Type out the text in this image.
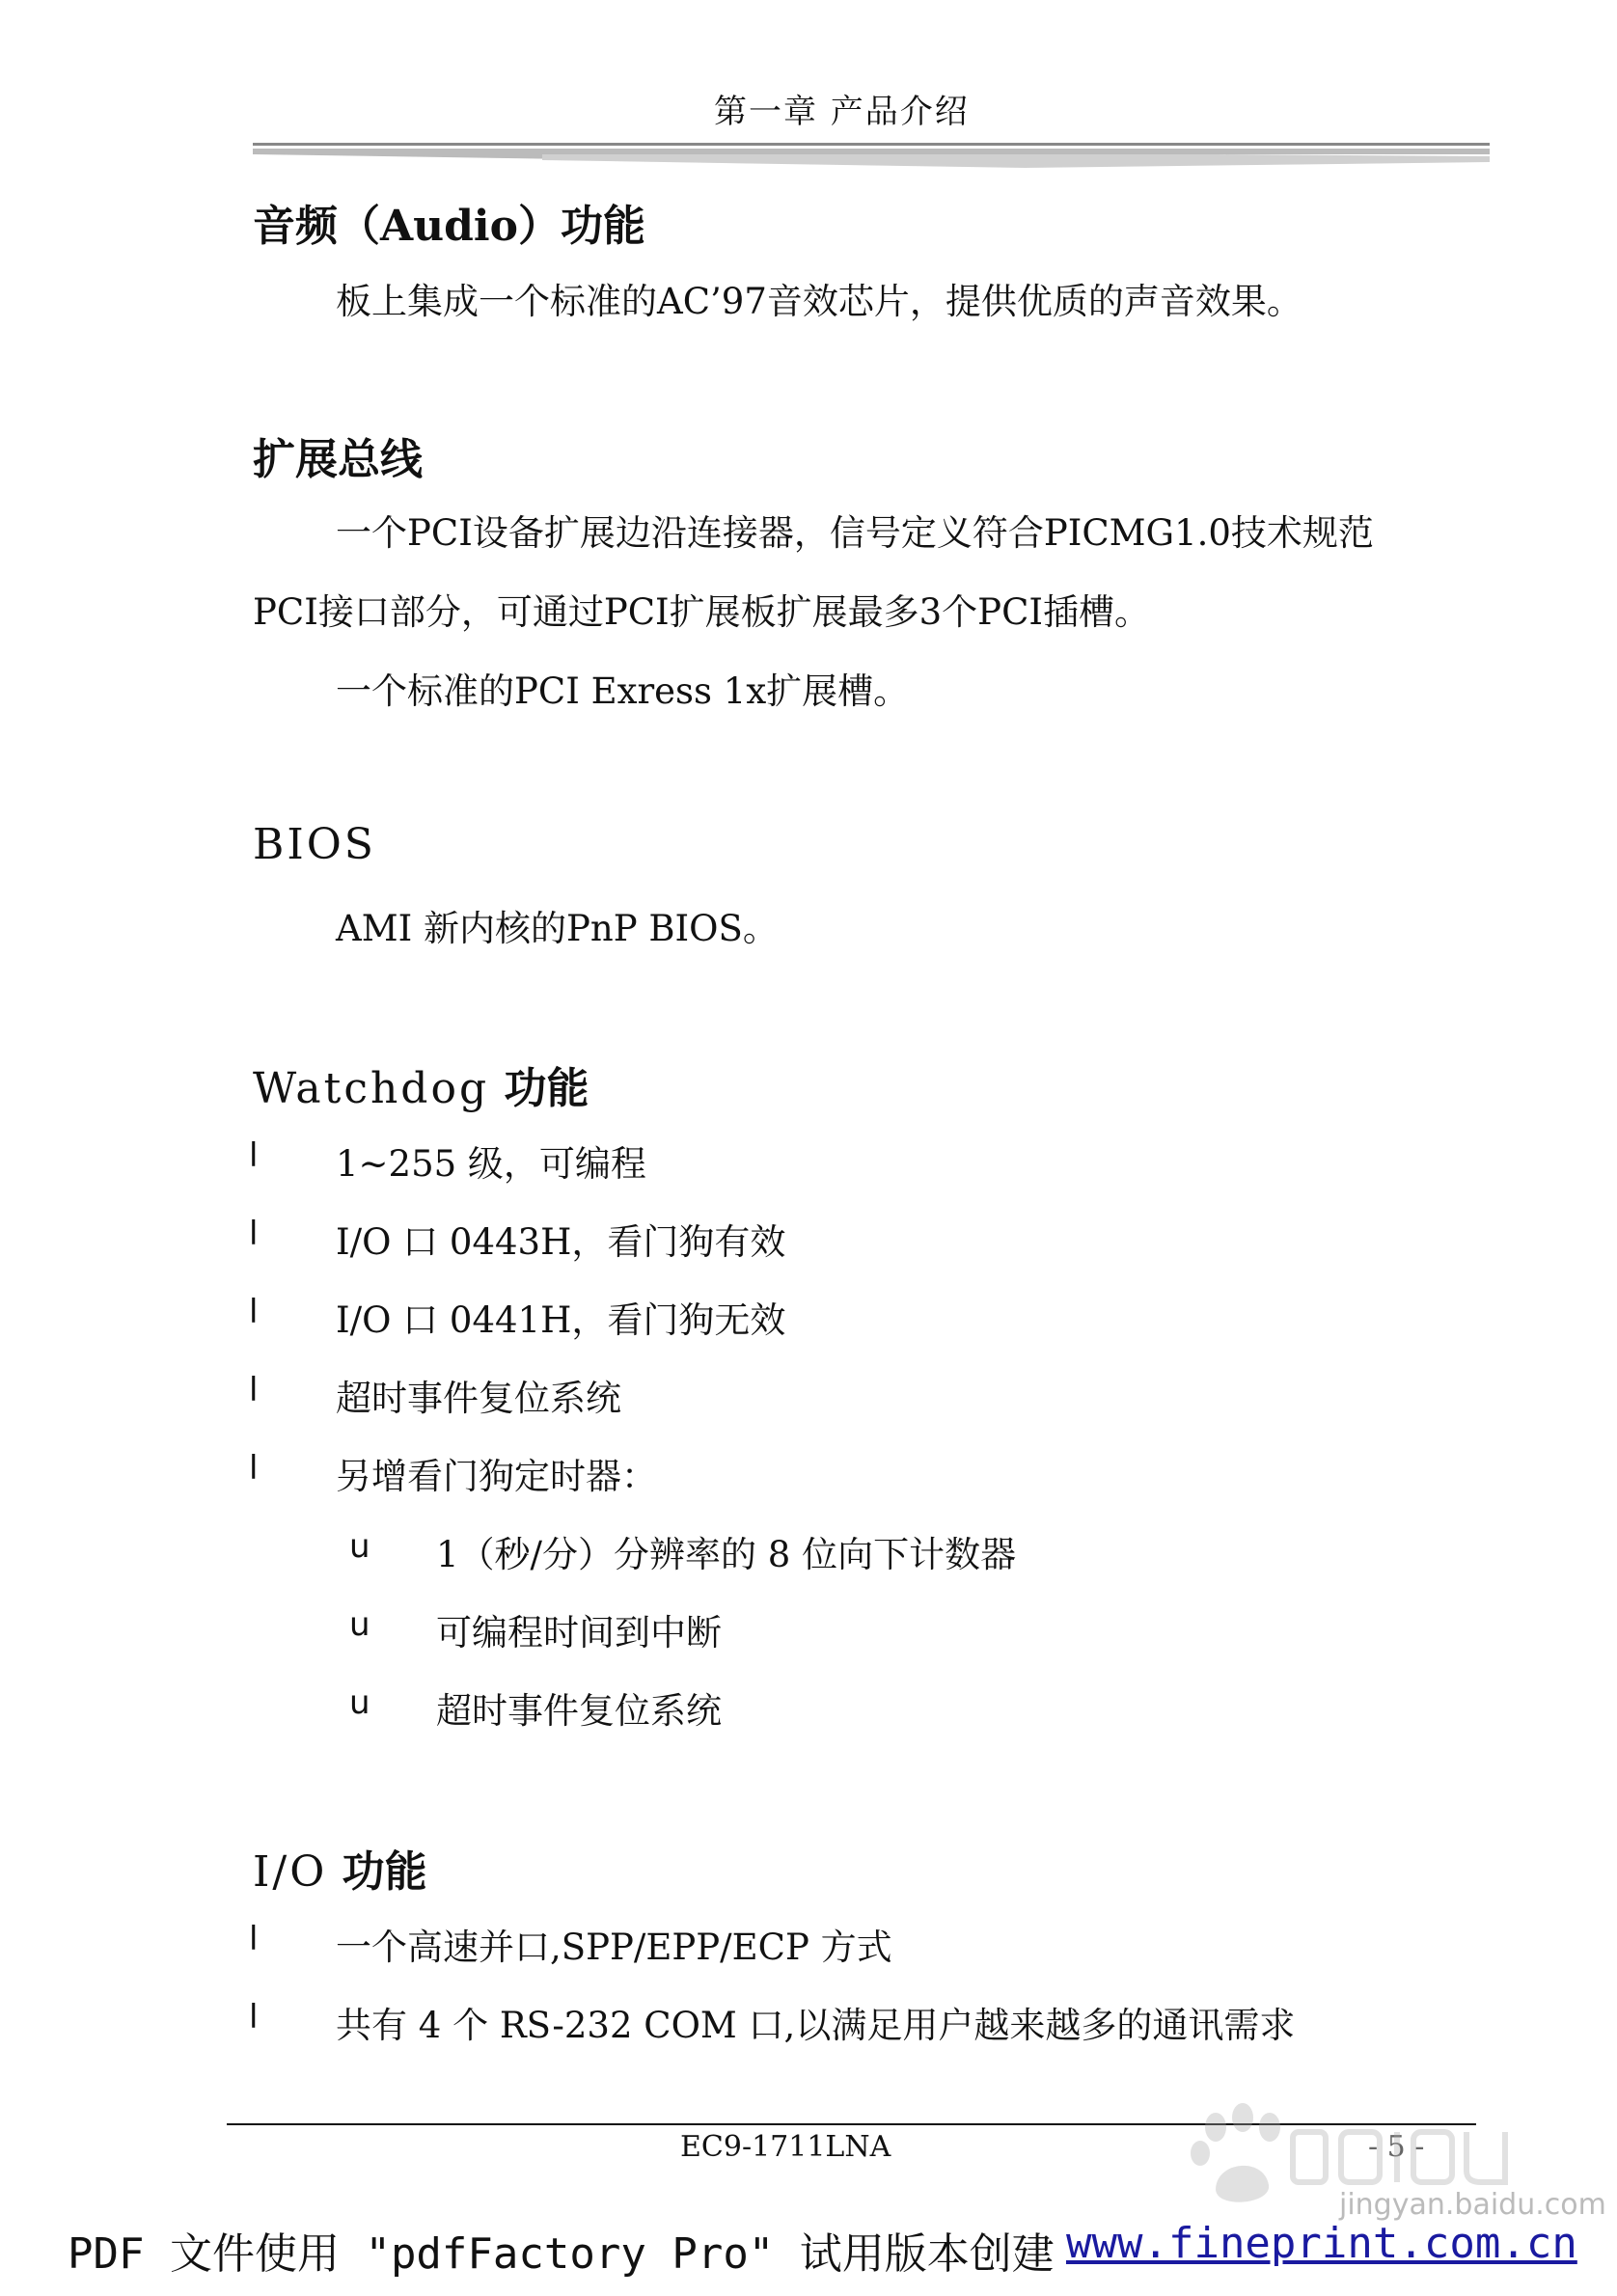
第一章 产品介绍
音频（Audio）功能
板上集成一个标准的AC’97音效芯片，提供优质的声音效果。
扩展总线
一个PCI设备扩展边沿连接器，信号定义符合PICMG1.0技术规范
PCI接口部分，可通过PCI扩展板扩展最多3个PCI插槽。
一个标准的PCI Exress 1x扩展槽。
BIOS
AMI 新内核的PnP BIOS。
Watchdog 功能
l 1~255 级，可编程
l I/O 口 0443H，看门狗有效
l I/O 口 0441H，看门狗无效
l 超时事件复位系统
l 另增看门狗定时器：
u 1（秒/分）分辨率的 8 位向下计数器
u 可编程时间到中断
u 超时事件复位系统
I/O 功能
l 一个高速并口,SPP/EPP/ECP 方式
l 共有 4 个 RS-232 COM 口,以满足用户越来越多的通讯需求
EC9-1711LNA	- 5 -
jingyan.baidu.com
PDF 文件使用 "pdfFactory Pro" 试用版本创建 www.fineprint.com.cn
